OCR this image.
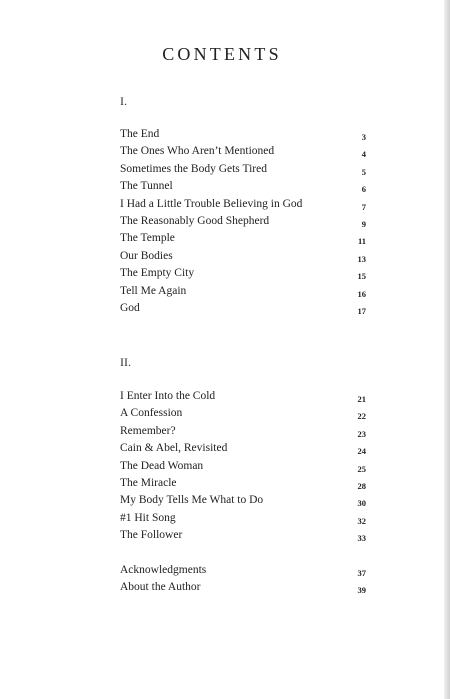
CONTENTS
I.
The End	3
The Ones Who Aren’t Mentioned	4
Sometimes the Body Gets Tired	5
The Tunnel	6
I Had a Little Trouble Believing in God	7
The Reasonably Good Shepherd	9
The Temple	11
Our Bodies	13
The Empty City	15
Tell Me Again	16
God	17
II.
I Enter Into the Cold	21
A Confession	22
Remember?	23
Cain & Abel, Revisited	24
The Dead Woman	25
The Miracle	28
My Body Tells Me What to Do	30
#1 Hit Song	32
The Follower	33
Acknowledgments	37
About the Author	39
